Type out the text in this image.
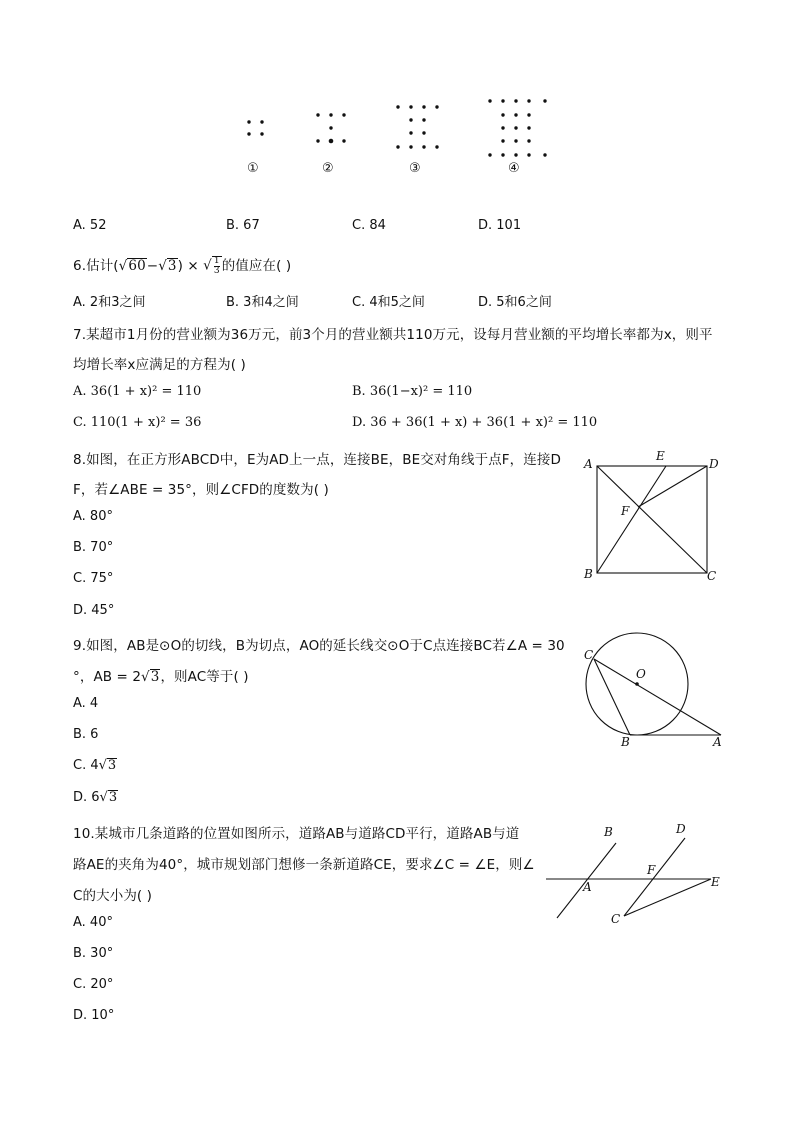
①	②	③	④
A. 52	B. 67	C. 84	D. 101
6.估计(√60−√3) × √ $\frac{1}{3}$ 的值应在( )
A. 2和3之间	B. 3和4之间	C. 4和5之间	D. 5和6之间
7.某超市1月份的营业额为36万元，前3个月的营业额共110万元，设每月营业额的平均增长率都为x，则平
均增长率x应满足的方程为( )
A. 36(1 + x)² = 110	B. 36(1−x)² = 110
C. 110(1 + x)² = 36	D. 36 + 36(1 + x) + 36(1 + x)² = 110
8.如图，在正方形ABCD中，E为AD上一点，连接BE，BE交对角线于点F，连接D
F，若∠ABE = 35°，则∠CFD的度数为( )
A. 80°
B. 70°
C. 75°
D. 45°
A
E
D
F
B	C
9.如图，AB是⊙O的切线，B为切点，AO的延长线交⊙O于C点连接BC若∠A = 30
°，AB = 2√3，则AC等于( )
A. 4
B. 6
C. 4√3
D. 6√3
C
O
B	A
10.某城市几条道路的位置如图所示，道路AB与道路CD平行，道路AB与道
路AE的夹角为40°，城市规划部门想修一条新道路CE，要求∠C = ∠E，则∠
C的大小为( )
A. 40°
B. 30°
C. 20°
D. 10°
B	D
F
A	E
C
